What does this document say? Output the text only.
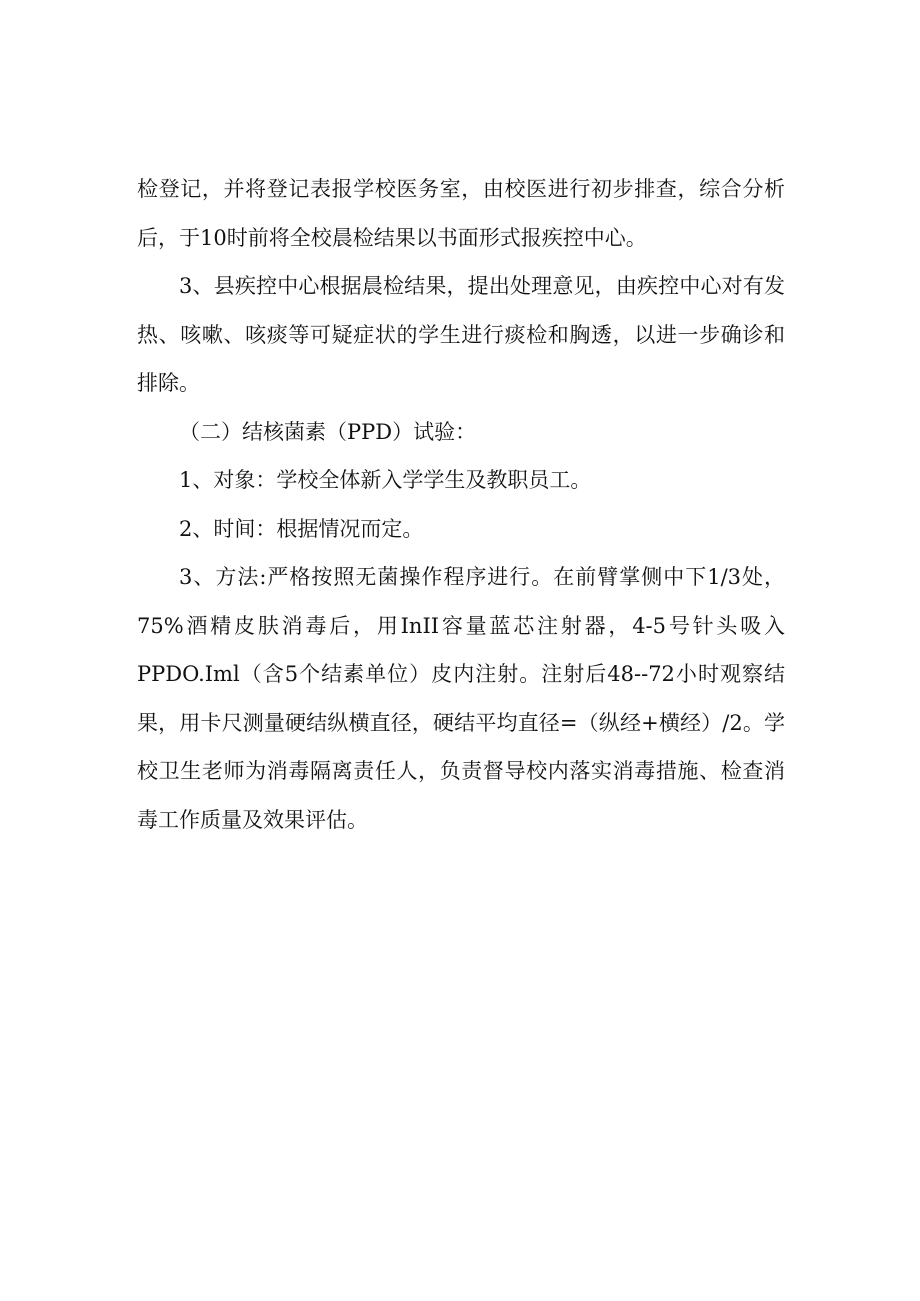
检登记，并将登记表报学校医务室，由校医进行初步排查，综合分析后，于10时前将全校晨检结果以书面形式报疾控中心。

3、县疾控中心根据晨检结果，提出处理意见，由疾控中心对有发热、咳嗽、咳痰等可疑症状的学生进行痰检和胸透，以进一步确诊和排除。

（二）结核菌素（PPD）试验：

1、对象：学校全体新入学学生及教职员工。

2、时间：根据情况而定。

3、方法:严格按照无菌操作程序进行。在前臂掌侧中下1/3处，75%酒精皮肤消毒后，用InII容量蓝芯注射器，4-5号针头吸入PPDO.Iml（含5个结素单位）皮内注射。注射后48--72小时观察结果，用卡尺测量硬结纵横直径，硬结平均直径=（纵经+横经）/2。学校卫生老师为消毒隔离责任人，负责督导校内落实消毒措施、检查消毒工作质量及效果评估。
